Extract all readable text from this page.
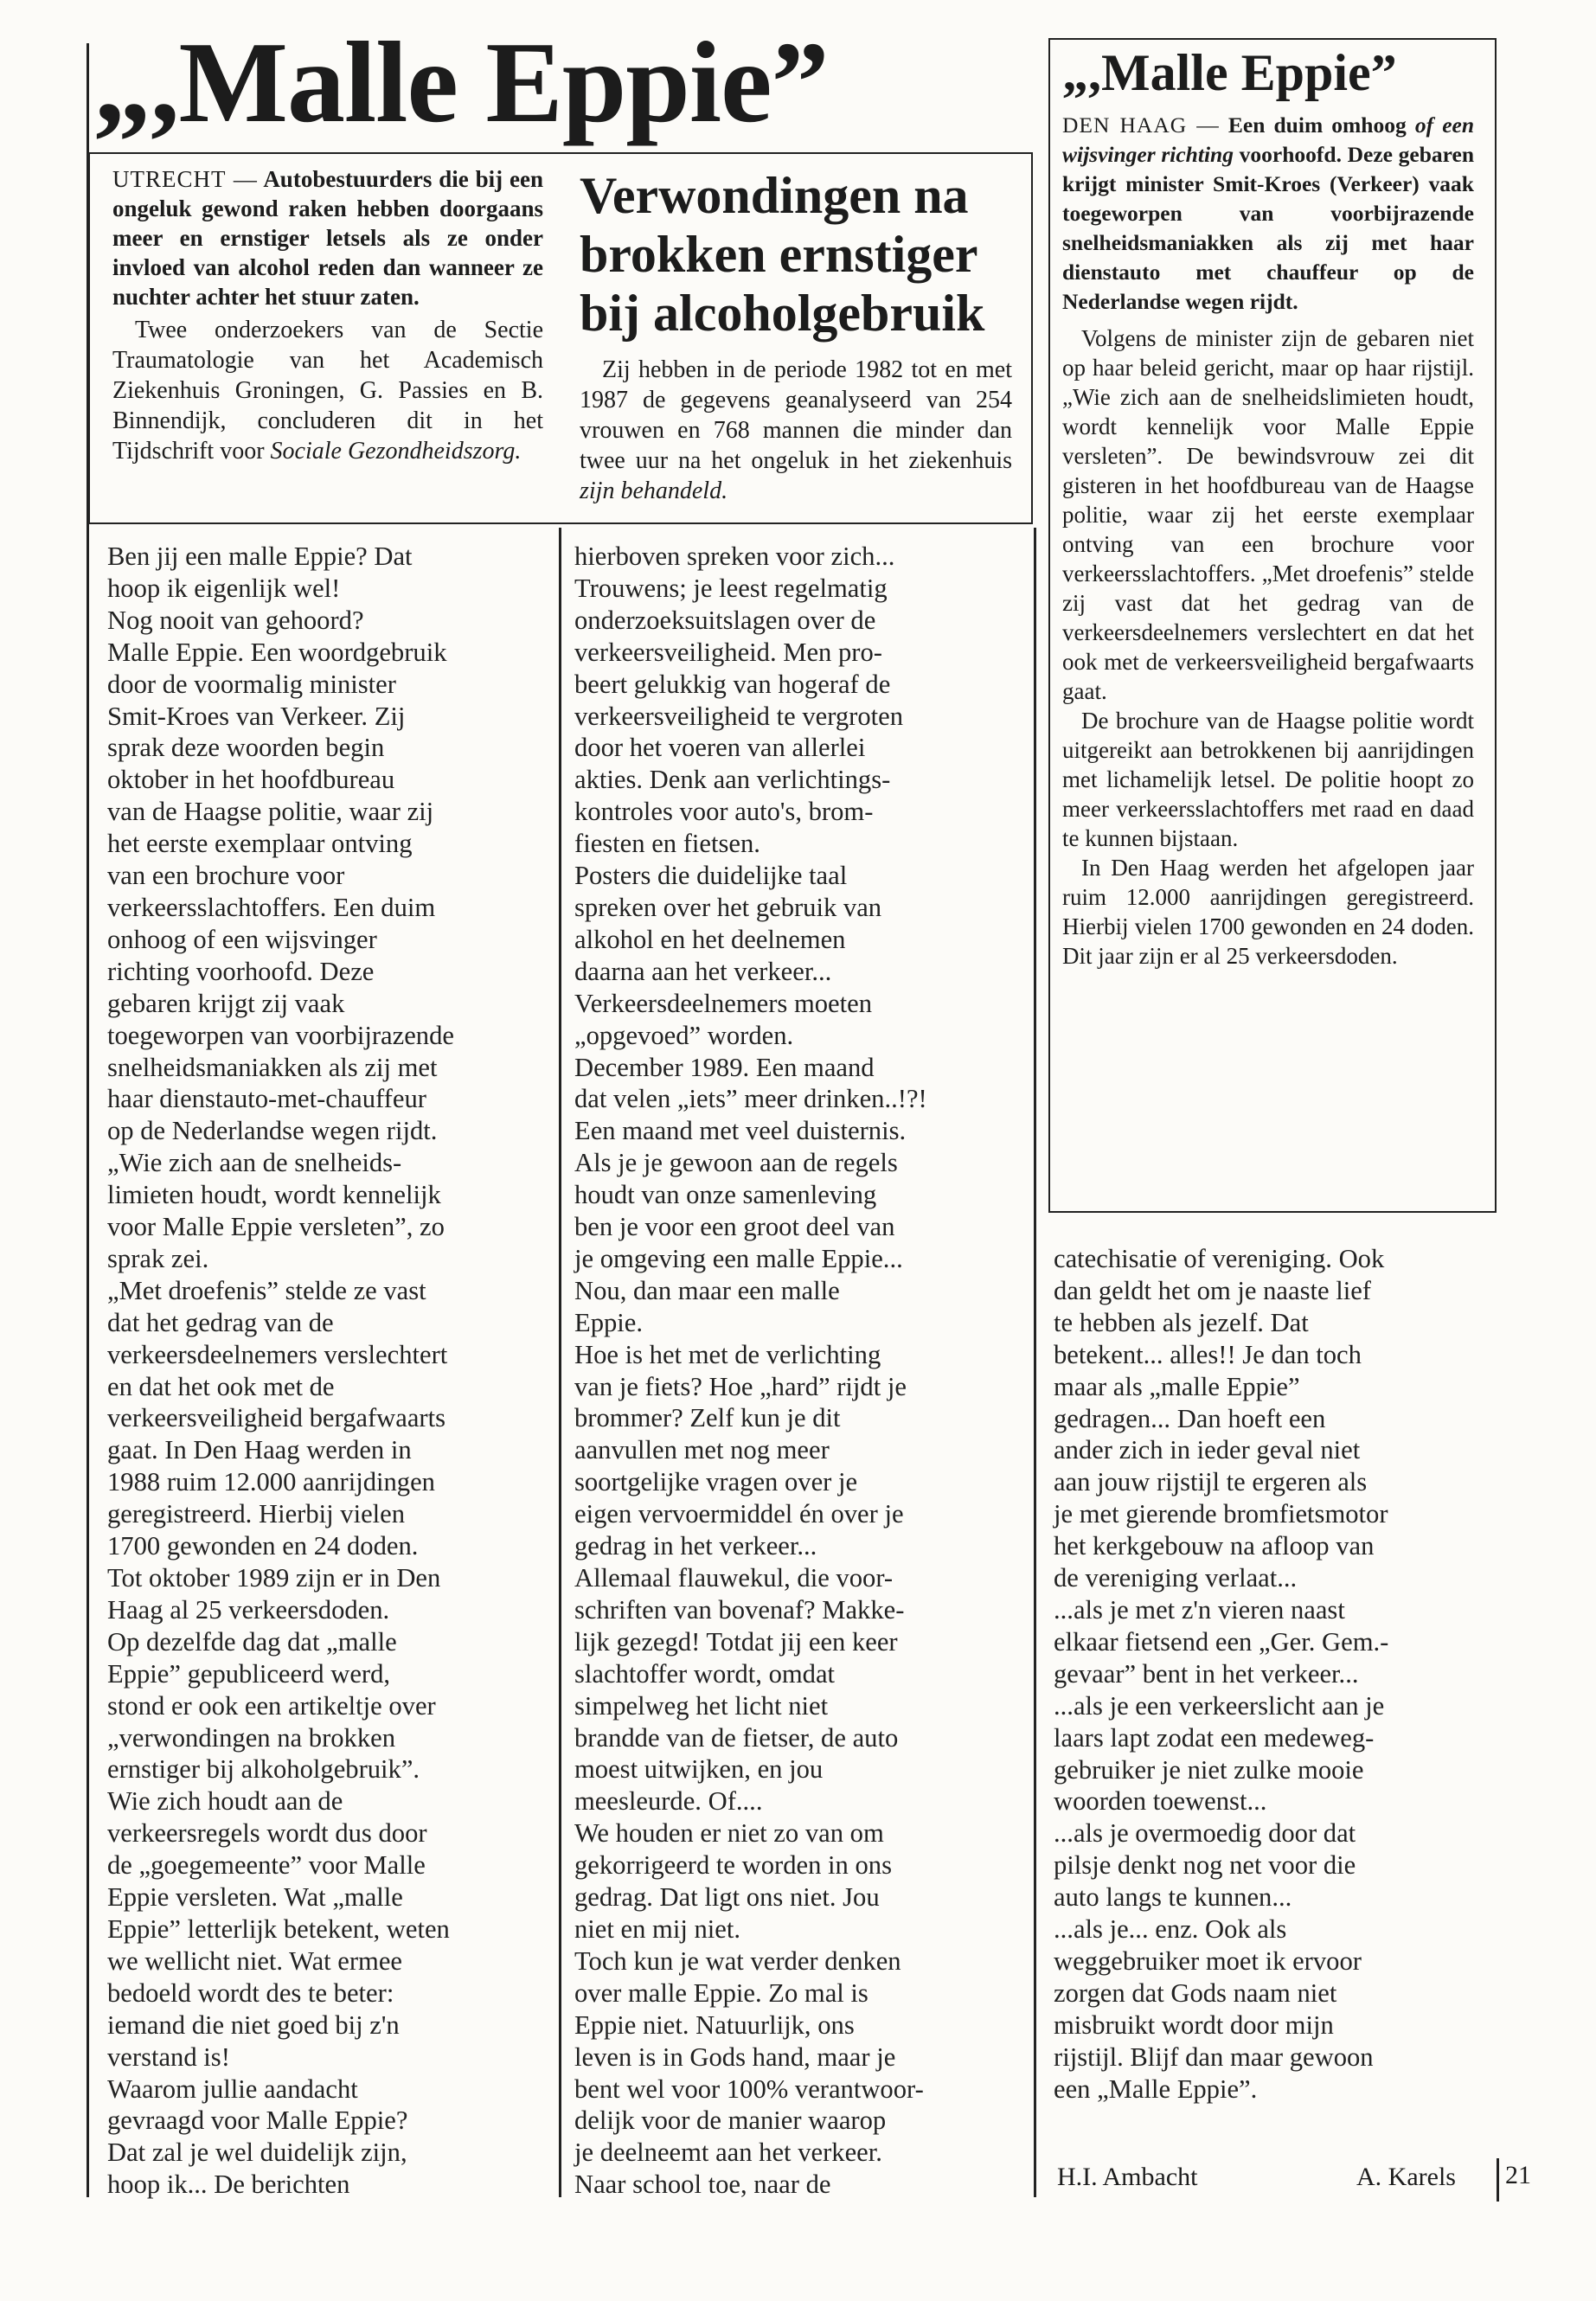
„,Malle Eppie”

UTRECHT — Autobestuurders die bij een ongeluk gewond raken hebben doorgaans meer en ernstiger letsels als ze onder invloed van alcohol reden dan wanneer ze nuchter achter het stuur zaten.

Twee onderzoekers van de Sectie Traumatologie van het Academisch Ziekenhuis Groningen, G. Passies en B. Binnendijk, concluderen dit in het Tijdschrift voor Sociale Gezondheidszorg.

Verwondingen na brokken ernstiger bij alcoholgebruik

Zij hebben in de periode 1982 tot en met 1987 de gegevens geanalyseerd van 254 vrouwen en 768 mannen die minder dan twee uur na het ongeluk in het ziekenhuis zijn behandeld.

„,Malle Eppie”

DEN HAAG — Een duim omhoog of een wijsvinger richting voorhoofd. Deze gebaren krijgt minister Smit-Kroes (Verkeer) vaak toegeworpen van voorbijrazende snelheidsmaniakken als zij met haar dienstauto met chauffeur op de Nederlandse wegen rijdt.

Volgens de minister zijn de gebaren niet op haar beleid gericht, maar op haar rijstijl. „Wie zich aan de snelheidslimieten houdt, wordt kennelijk voor Malle Eppie versleten”. De bewindsvrouw zei dit gisteren in het hoofdbureau van de Haagse politie, waar zij het eerste exemplaar ontving van een brochure voor verkeersslachtoffers. „Met droefenis” stelde zij vast dat het gedrag van de verkeersdeelnemers verslechtert en dat het ook met de verkeersveiligheid bergafwaarts gaat.

De brochure van de Haagse politie wordt uitgereikt aan betrokkenen bij aanrijdingen met lichamelijk letsel. De politie hoopt zo meer verkeersslachtoffers met raad en daad te kunnen bijstaan.

In Den Haag werden het afgelopen jaar ruim 12.000 aanrijdingen geregistreerd. Hierbij vielen 1700 gewonden en 24 doden. Dit jaar zijn er al 25 verkeersdoden.

Ben jij een malle Eppie? Dat
hoop ik eigenlijk wel!
Nog nooit van gehoord?
Malle Eppie. Een woordgebruik
door de voormalig minister
Smit-Kroes van Verkeer. Zij
sprak deze woorden begin
oktober in het hoofdbureau
van de Haagse politie, waar zij
het eerste exemplaar ontving
van een brochure voor
verkeersslachtoffers. Een duim
onhoog of een wijsvinger
richting voorhoofd. Deze
gebaren krijgt zij vaak
toegeworpen van voorbijrazende
snelheidsmaniakken als zij met
haar dienstauto-met-chauffeur
op de Nederlandse wegen rijdt.
„Wie zich aan de snelheids-
limieten houdt, wordt kennelijk
voor Malle Eppie versleten”, zo
sprak zei.
„Met droefenis” stelde ze vast
dat het gedrag van de
verkeersdeelnemers verslechtert
en dat het ook met de
verkeersveiligheid bergafwaarts
gaat. In Den Haag werden in
1988 ruim 12.000 aanrijdingen
geregistreerd. Hierbij vielen
1700 gewonden en 24 doden.
Tot oktober 1989 zijn er in Den
Haag al 25 verkeersdoden.
Op dezelfde dag dat „malle
Eppie” gepubliceerd werd,
stond er ook een artikeltje over
„verwondingen na brokken
ernstiger bij alkoholgebruik”.
Wie zich houdt aan de
verkeersregels wordt dus door
de „goegemeente” voor Malle
Eppie versleten. Wat „malle
Eppie” letterlijk betekent, weten
we wellicht niet. Wat ermee
bedoeld wordt des te beter:
iemand die niet goed bij z'n
verstand is!
Waarom jullie aandacht
gevraagd voor Malle Eppie?
Dat zal je wel duidelijk zijn,
hoop ik... De berichten
hierboven spreken voor zich...
Trouwens; je leest regelmatig
onderzoeksuitslagen over de
verkeersveiligheid. Men pro-
beert gelukkig van hogeraf de
verkeersveiligheid te vergroten
door het voeren van allerlei
akties. Denk aan verlichtings-
kontroles voor auto's, brom-
fiesten en fietsen.
Posters die duidelijke taal
spreken over het gebruik van
alkohol en het deelnemen
daarna aan het verkeer...
Verkeersdeelnemers moeten
„opgevoed” worden.
December 1989. Een maand
dat velen „iets” meer drinken..!?!
Een maand met veel duisternis.
Als je je gewoon aan de regels
houdt van onze samenleving
ben je voor een groot deel van
je omgeving een malle Eppie...
Nou, dan maar een malle
Eppie.
Hoe is het met de verlichting
van je fiets? Hoe „hard” rijdt je
brommer? Zelf kun je dit
aanvullen met nog meer
soortgelijke vragen over je
eigen vervoermiddel én over je
gedrag in het verkeer...
Allemaal flauwekul, die voor-
schriften van bovenaf? Makke-
lijk gezegd! Totdat jij een keer
slachtoffer wordt, omdat
simpelweg het licht niet
brandde van de fietser, de auto
moest uitwijken, en jou
meesleurde. Of....
We houden er niet zo van om
gekorrigeerd te worden in ons
gedrag. Dat ligt ons niet. Jou
niet en mij niet.
Toch kun je wat verder denken
over malle Eppie. Zo mal is
Eppie niet. Natuurlijk, ons
leven is in Gods hand, maar je
bent wel voor 100% verantwoor-
delijk voor de manier waarop
je deelneemt aan het verkeer.
Naar school toe, naar de
catechisatie of vereniging. Ook
dan geldt het om je naaste lief
te hebben als jezelf. Dat
betekent... alles!! Je dan toch
maar als „malle Eppie”
gedragen... Dan hoeft een
ander zich in ieder geval niet
aan jouw rijstijl te ergeren als
je met gierende bromfietsmotor
het kerkgebouw na afloop van
de vereniging verlaat...
...als je met z'n vieren naast
elkaar fietsend een „Ger. Gem.-
gevaar” bent in het verkeer...
...als je een verkeerslicht aan je
laars lapt zodat een medeweg-
gebruiker je niet zulke mooie
woorden toewenst...
...als je overmoedig door dat
pilsje denkt nog net voor die
auto langs te kunnen...
...als je... enz. Ook als
weggebruiker moet ik ervoor
zorgen dat Gods naam niet
misbruikt wordt door mijn
rijstijl. Blijf dan maar gewoon
een „Malle Eppie”.
H.I. Ambacht	A. Karels 21
